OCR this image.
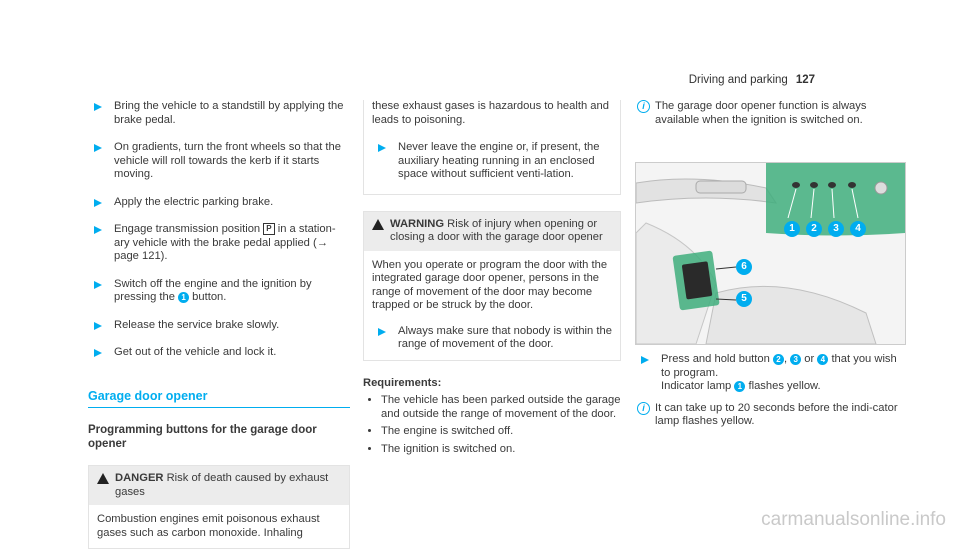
Driving and parking 127
Bring the vehicle to a standstill by applying the brake pedal.
On gradients, turn the front wheels so that the vehicle will roll towards the kerb if it starts moving.
Apply the electric parking brake.
Engage transmission position P in a station-ary vehicle with the brake pedal applied (→ page 121).
Switch off the engine and the ignition by pressing the 1 button.
Release the service brake slowly.
Get out of the vehicle and lock it.
Garage door opener
Programming buttons for the garage door opener
DANGER Risk of death caused by exhaust gases
Combustion engines emit poisonous exhaust gases such as carbon monoxide. Inhaling
these exhaust gases is hazardous to health and leads to poisoning.
Never leave the engine or, if present, the auxiliary heating running in an enclosed space without sufficient venti-lation.
WARNING Risk of injury when opening or closing a door with the garage door opener
When you operate or program the door with the integrated garage door opener, persons in the range of movement of the door may become trapped or be struck by the door.
Always make sure that nobody is within the range of movement of the door.
Requirements:
• The vehicle has been parked outside the garage and outside the range of movement of the door.
• The engine is switched off.
• The ignition is switched on.
i The garage door opener function is always available when the ignition is switched on.
1	2	3	4
6
5
Press and hold button 2 , 3 or 4 that you wish to program.
Indicator lamp 1 flashes yellow.
i It can take up to 20 seconds before the indi-cator lamp flashes yellow.
carmanualsonline.info
